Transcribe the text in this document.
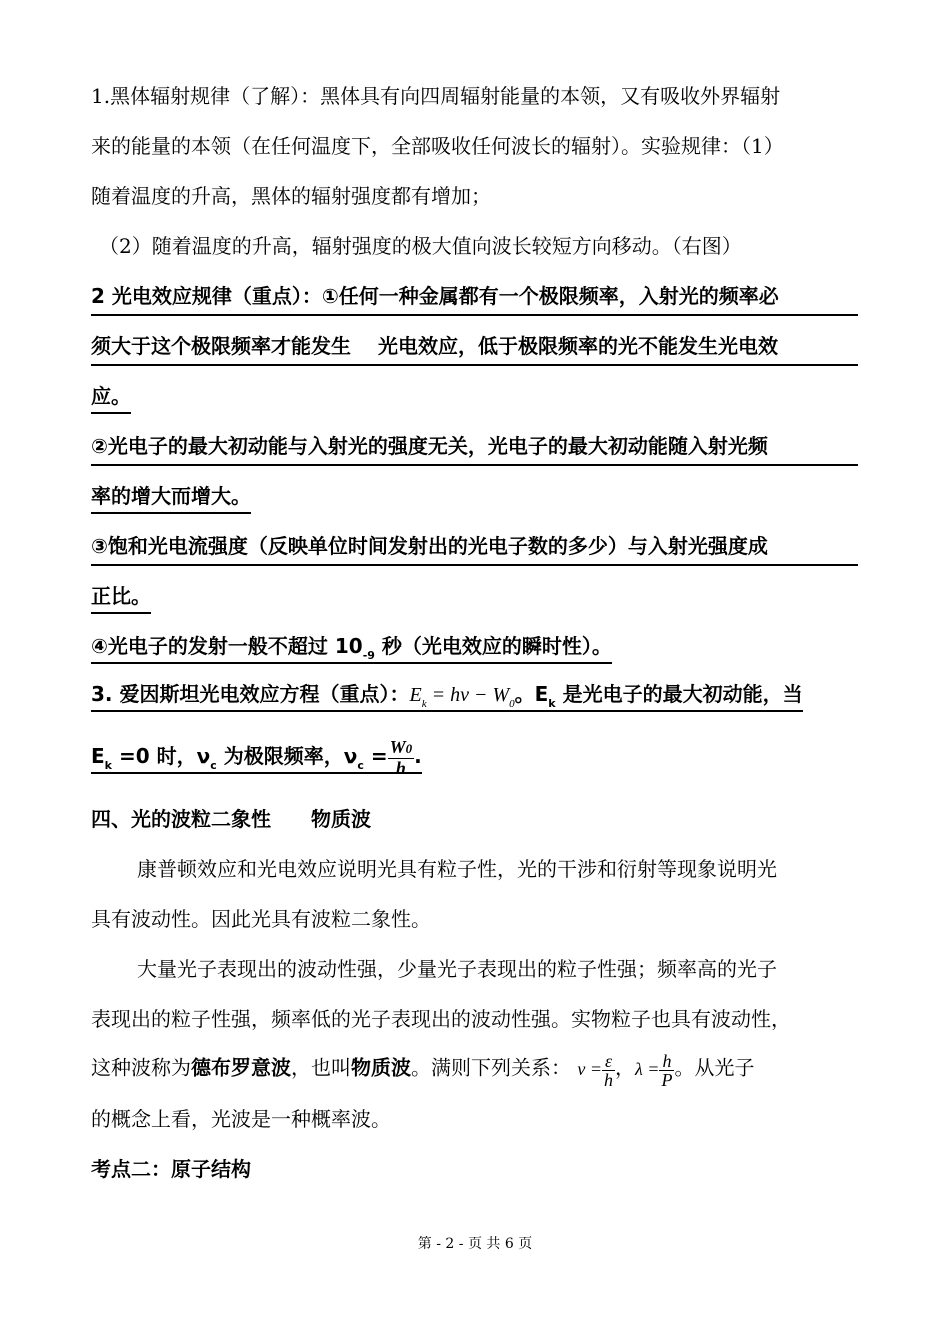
1.黑体辐射规律（了解）：黑体具有向四周辐射能量的本领，又有吸收外界辐射
来的能量的本领（在任何温度下，全部吸收任何波长的辐射）。实验规律：（1）
随着温度的升高，黑体的辐射强度都有增加；
（2）随着温度的升高，辐射强度的极大值向波长较短方向移动。（右图）
2 光电效应规律（重点）：①任何一种金属都有一个极限频率，入射光的频率必
须大于这个极限频率才能发生　 光电效应，低于极限频率的光不能发生光电效
应。
②光电子的最大初动能与入射光的强度无关，光电子的最大初动能随入射光频
率的增大而增大。
③饱和光电流强度（反映单位时间发射出的光电子数的多少）与入射光强度成
正比。
④光电子的发射一般不超过 $10_{-9}$ 秒（光电效应的瞬时性）。
3. 爱因斯坦光电效应方程（重点）：$E_k = h\nu - W_0$。$E_k$ 是光电子的最大初动能，当
$E_k =0$ 时，$\nu_c$ 为极限频率，$\nu_c = \frac{W0}{h}$ .
四、光的波粒二象性　　物质波
康普顿效应和光电效应说明光具有粒子性，光的干涉和衍射等现象说明光
具有波动性。因此光具有波粒二象性。
大量光子表现出的波动性强，少量光子表现出的粒子性强；频率高的光子
表现出的粒子性强，频率低的光子表现出的波动性强。实物粒子也具有波动性，
这种波称为德布罗意波，也叫物质波。满则下列关系： $\nu = \frac{\varepsilon}{h}$ ，$\lambda = \frac{h}{P}$ 。从光子
的概念上看，光波是一种概率波。
考点二：原子结构
第 - 2 - 页 共 6 页
